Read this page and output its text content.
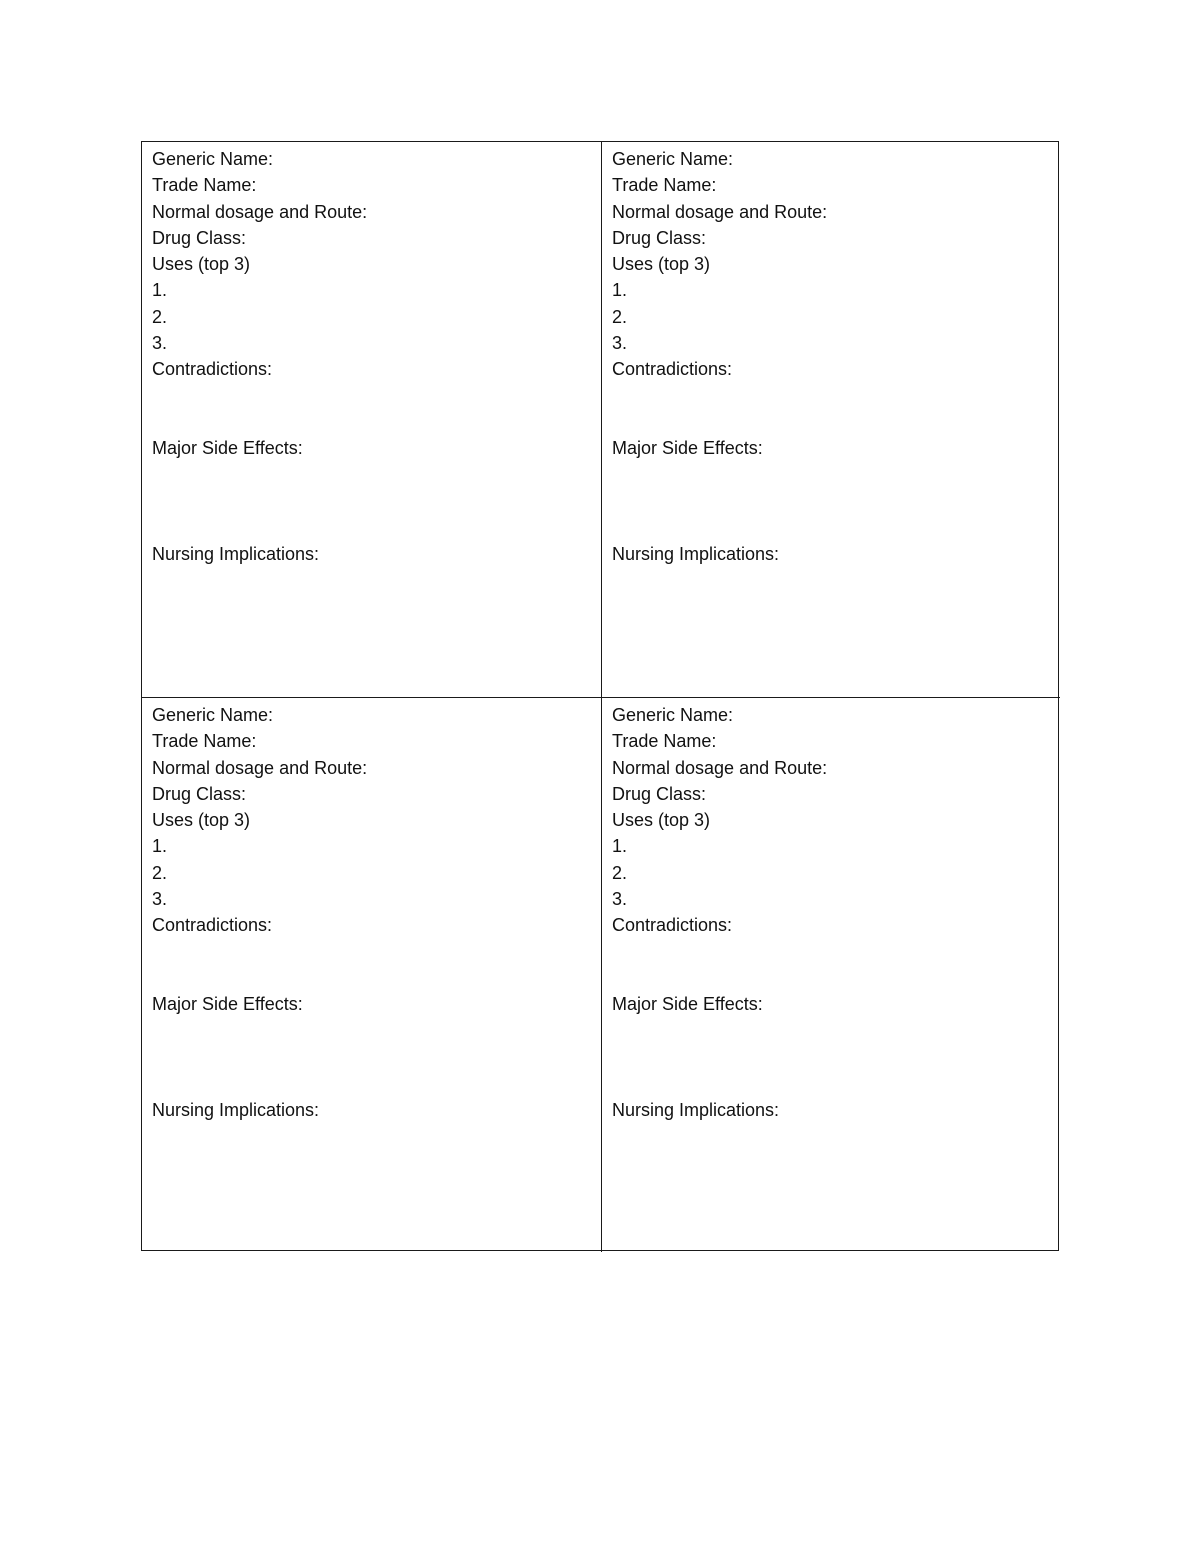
Generic Name:
Trade Name:
Normal dosage and Route:
Drug Class:
Uses (top 3)
1.
2.
3.
Contradictions:
Major Side Effects:
Nursing Implications:
Generic Name:
Trade Name:
Normal dosage and Route:
Drug Class:
Uses (top 3)
1.
2.
3.
Contradictions:
Major Side Effects:
Nursing Implications:
Generic Name:
Trade Name:
Normal dosage and Route:
Drug Class:
Uses (top 3)
1.
2.
3.
Contradictions:
Major Side Effects:
Nursing Implications:
Generic Name:
Trade Name:
Normal dosage and Route:
Drug Class:
Uses (top 3)
1.
2.
3.
Contradictions:
Major Side Effects:
Nursing Implications:
